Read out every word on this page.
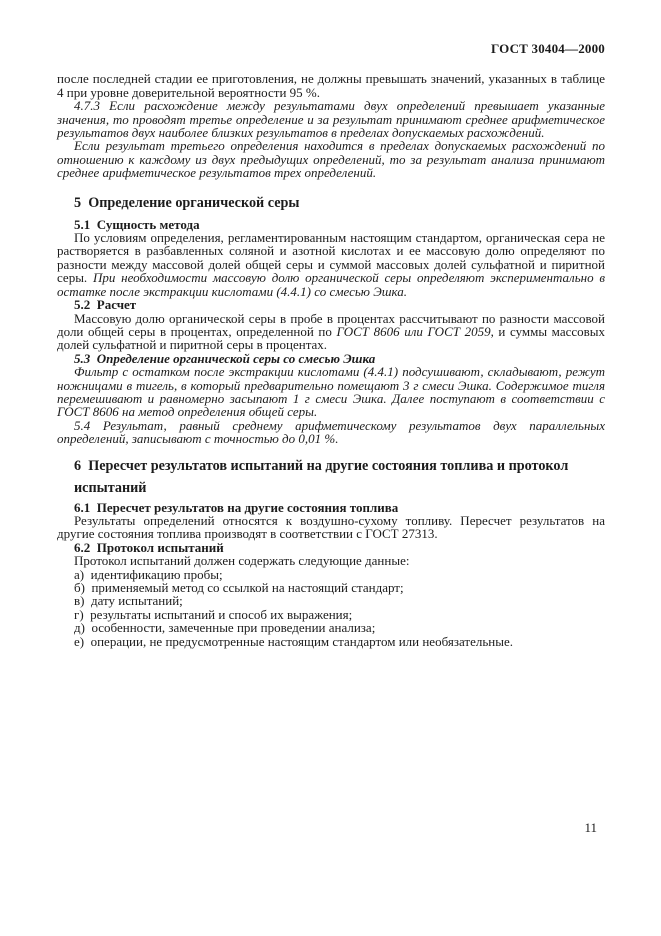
ГОСТ 30404—2000

после последней стадии ее приготовления, не должны превышать значений, указанных в таблице 4 при уровне доверительной вероятности 95 %.

4.7.3 Если расхождение между результатами двух определений превышает указанные значения, то проводят третье определение и за результат принимают среднее арифметическое результатов двух наиболее близких результатов в пределах допускаемых расхождений.

Если результат третьего определения находится в пределах допускаемых расхождений по отношению к каждому из двух предыдущих определений, то за результат анализа принимают среднее арифметическое результатов трех определений.

5  Определение органической серы

5.1  Сущность метода

По условиям определения, регламентированным настоящим стандартом, органическая сера не растворяется в разбавленных соляной и азотной кислотах и ее массовую долю определяют по разности между массовой долей общей серы и суммой массовых долей сульфатной и пиритной серы. При необходимости массовую долю органической серы определяют экспериментально в остатке после экстракции кислотами (4.4.1) со смесью Эшка.

5.2  Расчет

Массовую долю органической серы в пробе в процентах рассчитывают по разности массовой доли общей серы в процентах, определенной по ГОСТ 8606 или ГОСТ 2059, и суммы массовых долей сульфатной и пиритной серы в процентах.

5.3  Определение органической серы со смесью Эшка

Фильтр с остатком после экстракции кислотами (4.4.1) подсушивают, складывают, режут ножницами в тигель, в который предварительно помещают 3 г смеси Эшка. Содержимое тигля перемешивают и равномерно засыпают 1 г смеси Эшка. Далее поступают в соответствии с ГОСТ 8606 на метод определения общей серы.

5.4 Результат, равный среднему арифметическому результатов двух параллельных определений, записывают с точностью до 0,01 %.

6  Пересчет результатов испытаний на другие состояния топлива и протокол испытаний

6.1  Пересчет результатов на другие состояния топлива

Результаты определений относятся к воздушно-сухому топливу. Пересчет результатов на другие состояния топлива производят в соответствии с ГОСТ 27313.

6.2  Протокол испытаний

Протокол испытаний должен содержать следующие данные:

а)  идентификацию пробы;
б)  применяемый метод со ссылкой на настоящий стандарт;
в)  дату испытаний;
г)  результаты испытаний и способ их выражения;
д)  особенности, замеченные при проведении анализа;
е)  операции, не предусмотренные настоящим стандартом или необязательные.
11
